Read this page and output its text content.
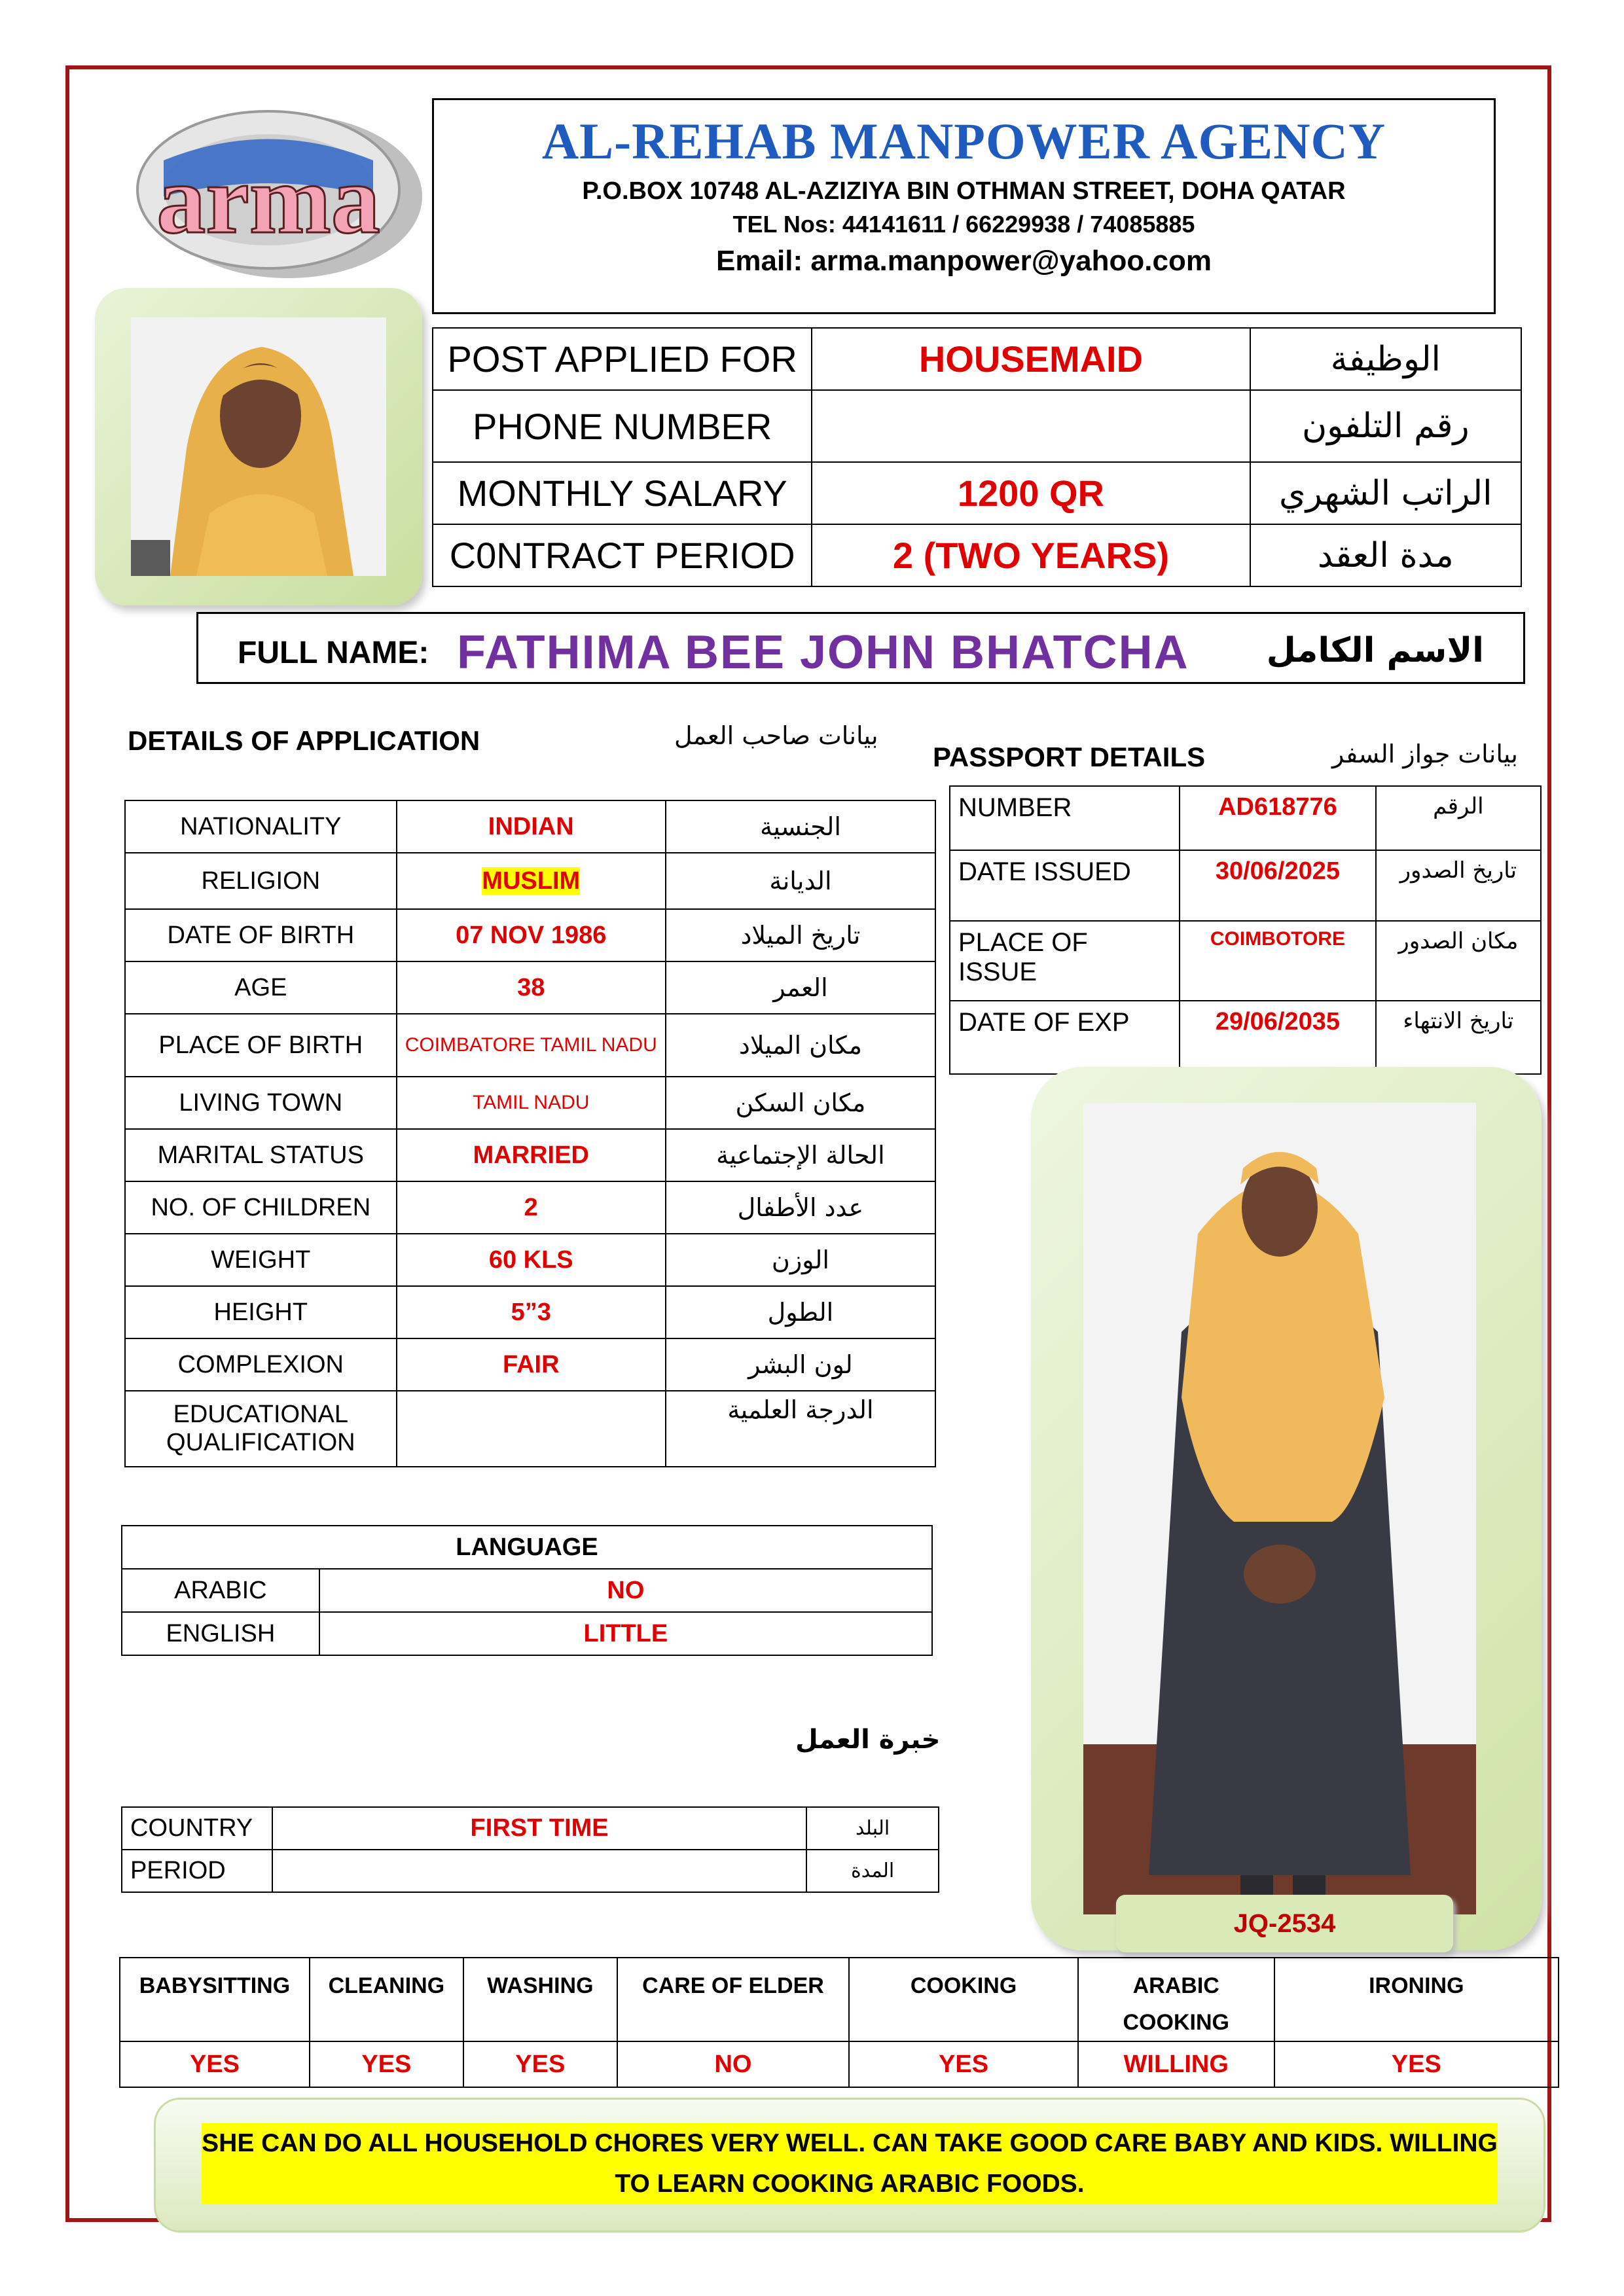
arma
AL-REHAB MANPOWER AGENCY
P.O.BOX 10748 AL-AZIZIYA BIN OTHMAN STREET, DOHA QATAR
TEL Nos: 44141611 / 66229938 / 74085885
Email: arma.manpower@yahoo.com
POST APPLIED FOR	HOUSEMAID	الوظيفة
PHONE NUMBER		رقم التلفون
MONTHLY SALARY	1200 QR	الراتب الشهري
C0NTRACT PERIOD	2 (TWO YEARS)	مدة العقد
FULL NAME: FATHIMA BEE JOHN BHATCHA الاسم الكامل
DETAILS OF APPLICATION	بيانات صاحب العمل
PASSPORT DETAILS	بيانات جواز السفر
NATIONALITY	INDIAN	الجنسية
RELIGION	MUSLIM	الديانة
DATE OF BIRTH	07 NOV 1986	تاريخ الميلاد
AGE	38	العمر
PLACE OF BIRTH	COIMBATORE TAMIL NADU	مكان الميلاد
LIVING TOWN	TAMIL NADU	مكان السكن
MARITAL STATUS	MARRIED	الحالة الإجتماعية
NO. OF CHILDREN	2	عدد الأطفال
WEIGHT	60 KLS	الوزن
HEIGHT	5”3	الطول
COMPLEXION	FAIR	لون البشر
EDUCATIONAL QUALIFICATION		الدرجة العلمية
NUMBER	AD618776	الرقم
DATE ISSUED	30/06/2025	تاريخ الصدور
PLACE OF ISSUE	COIMBOTORE	مكان الصدور
DATE OF EXP	29/06/2035	تاريخ الانتهاء
JQ-2534
LANGUAGE	
ARABIC	NO
ENGLISH	LITTLE
خبرة العمل
COUNTRY	FIRST TIME	البلد
PERIOD		المدة
BABYSITTING	CLEANING	WASHING	CARE OF ELDER	COOKING	ARABIC COOKING	IRONING
YES	YES	YES	NO	YES	WILLING	YES
SHE CAN DO ALL HOUSEHOLD CHORES VERY WELL. CAN TAKE GOOD CARE BABY AND KIDS. WILLING TO LEARN COOKING ARABIC FOODS.
